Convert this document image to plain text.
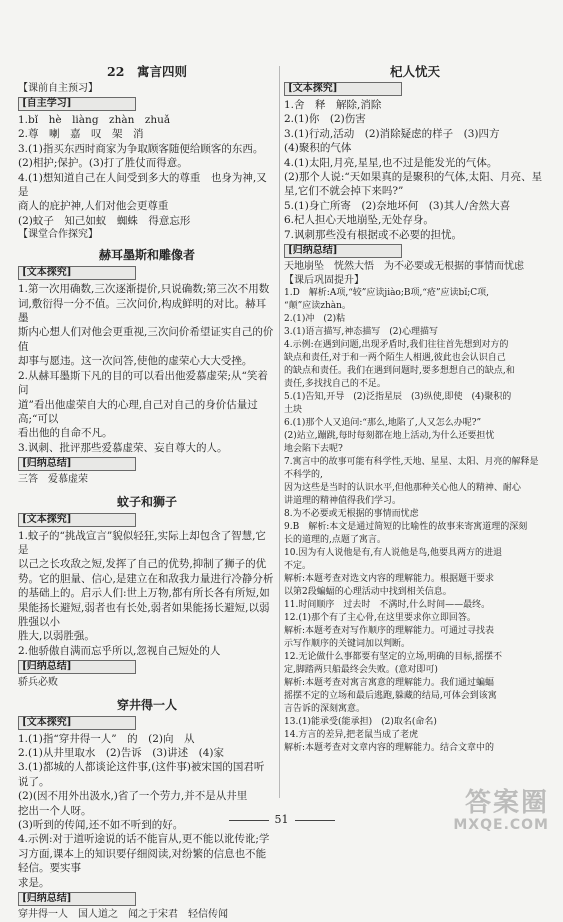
22　寓言四则
【课前自主预习】
[自主学习]
1.bǐ　hè　liàng　zhàn　zhuǎ
2.尊　喇　嘉　叹　架　消
3.(1)指买东西时商家为争取顾客随便给顾客的东西。
(2)相护;保护。(3)打了胜仗而得意。
4.(1)想知道自己在人间受到多大的尊重　也身为神,又是
商人的庇护神,人们对他会更尊重
(2)蚊子　知己如蚁　蜘蛛　得意忘形
【课堂合作探究】
赫耳墨斯和雕像者
[文本探究]
1.第一次用确数,三次逐渐提价,只说确数;第三次不用数
词,敷衍得一分不值。三次问价,构成鲜明的对比。赫耳墨
斯内心想人们对他会更重视,三次问价希望证实自己的价值
却事与愿违。这一次问答,使他的虚荣心大大受挫。
2.从赫耳墨斯下凡的目的可以看出他爱慕虚荣;从“笑着问
道”看出他虚荣自大的心理,自己对自己的身价估量过高;“可以
看出他的自命不凡。
3.讽刺、批评那些爱慕虚荣、妄自尊大的人。
[归纳总结]
三答　爱慕虚荣
蚊子和狮子
[文本探究]
1.蚊子的“挑战宣言”貌似轻狂,实际上却包含了智慧,它是
以己之长攻敌之短,发挥了自己的优势,抑制了狮子的优
势。它的胆量、信心,是建立在和敌我力量进行冷静分析
的基础上的。启示人们:世上万物,都有所长各有所短,如
果能扬长避短,弱者也有长处,弱者如果能扬长避短,以弱胜强以小
胜大,以弱胜强。
2.他骄傲自满而忘乎所以,忽视自己短处的人
[归纳总结]
骄兵必败
穿井得一人
[文本探究]
1.(1)指“穿井得一人”　的　(2)向　从
2.(1)从井里取水　(2)告诉　(3)讲述　(4)家
3.(1)都城的人都谈论这件事,(这件事)被宋国的国君听
说了。
(2)(因不用外出汲水,)省了一个劳力,并不是从井里
挖出一个人呀。
(3)听到的传闻,还不如不听到的好。
4.示例:对于道听途说的话不能盲从,更不能以讹传讹;学
习方面,课本上的知识要仔细阅读,对纷繁的信息也不能轻信。要实事
求是。
[归纳总结]
穿井得一人　国人道之　闻之于宋君　轻信传闻
杞人忧天
[文本探究]
1.舍　释　解除,消除
2.(1)你　(2)伤害
3.(1)行动,活动　(2)消除疑虑的样子　(3)四方
(4)聚积的气体
4.(1)太阳,月亮,星星,也不过是能发光的气体。
(2)那个人说:“天如果真的是聚积的气体,太阳、月亮、星
星,它们不就会掉下来吗?”
5.(1)身亡所寄　(2)奈地坏何　(3)其人/舍然大喜
6.杞人担心天地崩坠,无处存身。
7.讽刺那些没有根据或不必要的担忧。
[归纳总结]
天地崩坠　恍然大悟　为不必要或无根据的事情而忧虑
【课后巩固提升】
1.D　解析:A项,“较”应读jiào;B项,“疮”应读bǐ;C项,
“颠”应读zhàn。
2.(1)冲　(2)粘
3.(1)语言描写,神态描写　(2)心理描写
4.示例:在遇到问题,出现矛盾时,我们往往首先想到对方的
缺点和责任,对于和一两个陌生人相遇,彼此也会认识自己
的缺点和责任。我们在遇到问题时,要多想想自己的缺点,和
责任,多找找自己的不足。
5.(1)告知,开导　(2)泛指星辰　(3)纵使,即使　(4)聚积的
土块
6.(1)那个人又追问:“那么,地陷了,人又怎么办呢?”
(2)站立,蹦跳,每时每刻都在地上活动,为什么还要担忧
地会陷下去呢?
7.寓言中的故事可能有科学性,天地、星星、太阳、月亮的解释是不科学的,
因为这些是当时的认识水平,但他那种关心他人的精神、耐心
讲道理的精神值得我们学习。
8.为不必要或无根据的事情而忧虑
9.B　解析:本文是通过简短的比喻性的故事来寄寓道理的深刻
长的道理的,点题了寓言。
10.因为有人说他是有,有人说他是鸟,他要具两方的进退
不定。
解析:本题考查对选文内容的理解能力。根据题干要求
以第2段蝙蝠的心理活动中找到相关信息。
11.时间顺序　过去时　不满时,什么时间——最终。
12.(1)那个有了主心骨,在这里要求你立即回答。
解析:本题考查对写作顺序的理解能力。可通过寻找表
示写作顺序的关键词加以判断。
12.无论做什么事都要有坚定的立场,明确的目标,摇摆不
定,脚踏两只船最终会失败。(意对即可)
解析:本题考查对寓言寓意的理解能力。我们通过蝙蝠
摇摆不定的立场和最后逃跑,躲藏的结局,可体会到该寓
言告诉的深刻寓意。
13.(1)能承受(能承担)　(2)取名(命名)
14.方言的差异,把老鼠当成了老虎
解析:本题考查对文章内容的理解能力。结合文章中的
51
答案圈
MXQE.COM
